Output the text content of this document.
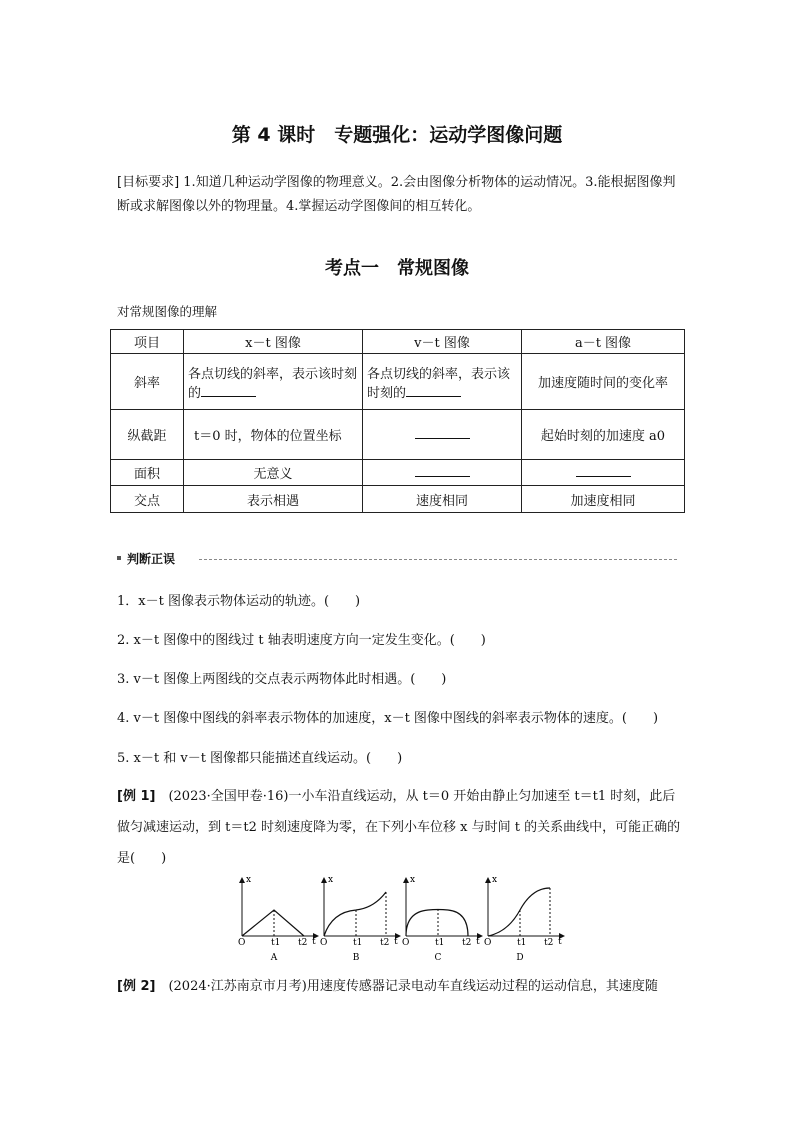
第 4 课时　专题强化：运动学图像问题
[目标要求] 1.知道几种运动学图像的物理意义。2.会由图像分析物体的运动情况。3.能根据图像判断或求解图像以外的物理量。4.掌握运动学图像间的相互转化。
考点一　常规图像
对常规图像的理解
项目	x－t 图像	v－t 图像	a－t 图像
斜率	各点切线的斜率，表示该时刻的	各点切线的斜率，表示该时刻的	加速度随时间的变化率
纵截距	t＝0 时，物体的位置坐标		起始时刻的加速度 a0
面积	无意义		
交点	表示相遇	速度相同	加速度相同
判断正误
1．x－t 图像表示物体运动的轨迹。(　　)
2. x－t 图像中的图线过 t 轴表明速度方向一定发生变化。(　　)
3. v－t 图像上两图线的交点表示两物体此时相遇。(　　)
4. v－t 图像中图线的斜率表示物体的加速度，x－t 图像中图线的斜率表示物体的速度。(　　)
5. x－t 和 v－t 图像都只能描述直线运动。(　　)
[例 1]　(2023·全国甲卷·16)一小车沿直线运动，从 t＝0 开始由静止匀加速至 t＝t1 时刻，此后做匀减速运动，到 t＝t2 时刻速度降为零，在下列小车位移 x 与时间 t 的关系曲线中，可能正确的是(　　)
x
t
O	t1 t2
A
x
t
O	t1 t2
B
x
t
O	t1 t2
C
x
t
O	t1 t2
D
[例 2]　(2024·江苏南京市月考)用速度传感器记录电动车直线运动过程的运动信息，其速度随
